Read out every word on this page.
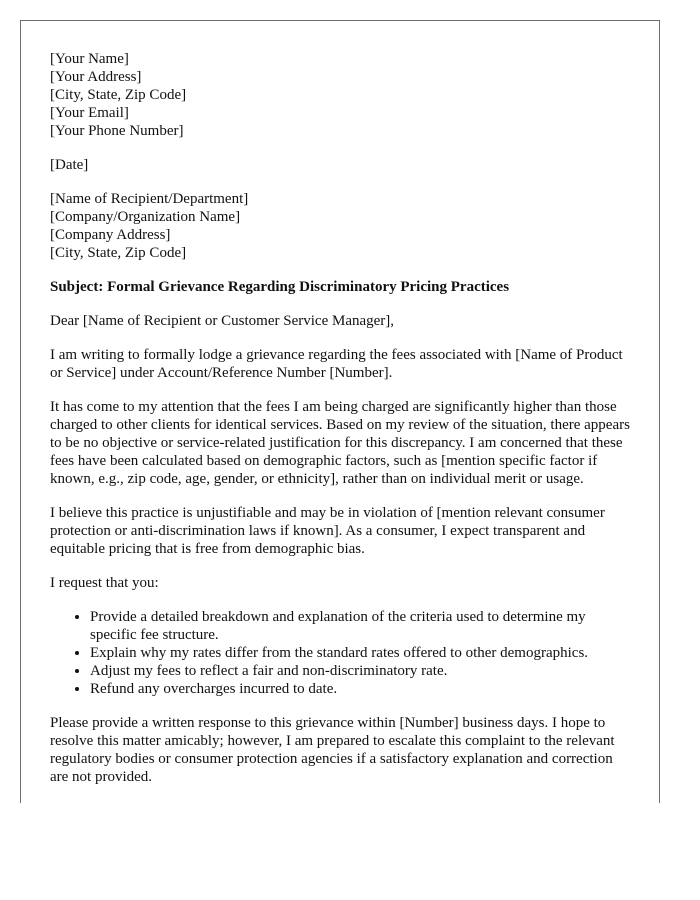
[Your Name]

[Your Address]

[City, State, Zip Code]

[Your Email]

[Your Phone Number]

[Date]

[Name of Recipient/Department]

[Company/Organization Name]

[Company Address]

[City, State, Zip Code]

Subject: Formal Grievance Regarding Discriminatory Pricing Practices

Dear [Name of Recipient or Customer Service Manager],

I am writing to formally lodge a grievance regarding the fees associated with [Name of Product or Service] under Account/Reference Number [Number].

It has come to my attention that the fees I am being charged are significantly higher than those charged to other clients for identical services. Based on my review of the situation, there appears to be no objective or service-related justification for this discrepancy. I am concerned that these fees have been calculated based on demographic factors, such as [mention specific factor if known, e.g., zip code, age, gender, or ethnicity], rather than on individual merit or usage.

I believe this practice is unjustifiable and may be in violation of [mention relevant consumer protection or anti-discrimination laws if known]. As a consumer, I expect transparent and equitable pricing that is free from demographic bias.

I request that you:

• Provide a detailed breakdown and explanation of the criteria used to determine my specific fee structure.
• Explain why my rates differ from the standard rates offered to other demographics.
• Adjust my fees to reflect a fair and non-discriminatory rate.
• Refund any overcharges incurred to date.

Please provide a written response to this grievance within [Number] business days. I hope to resolve this matter amicably; however, I am prepared to escalate this complaint to the relevant regulatory bodies or consumer protection agencies if a satisfactory explanation and correction are not provided.
